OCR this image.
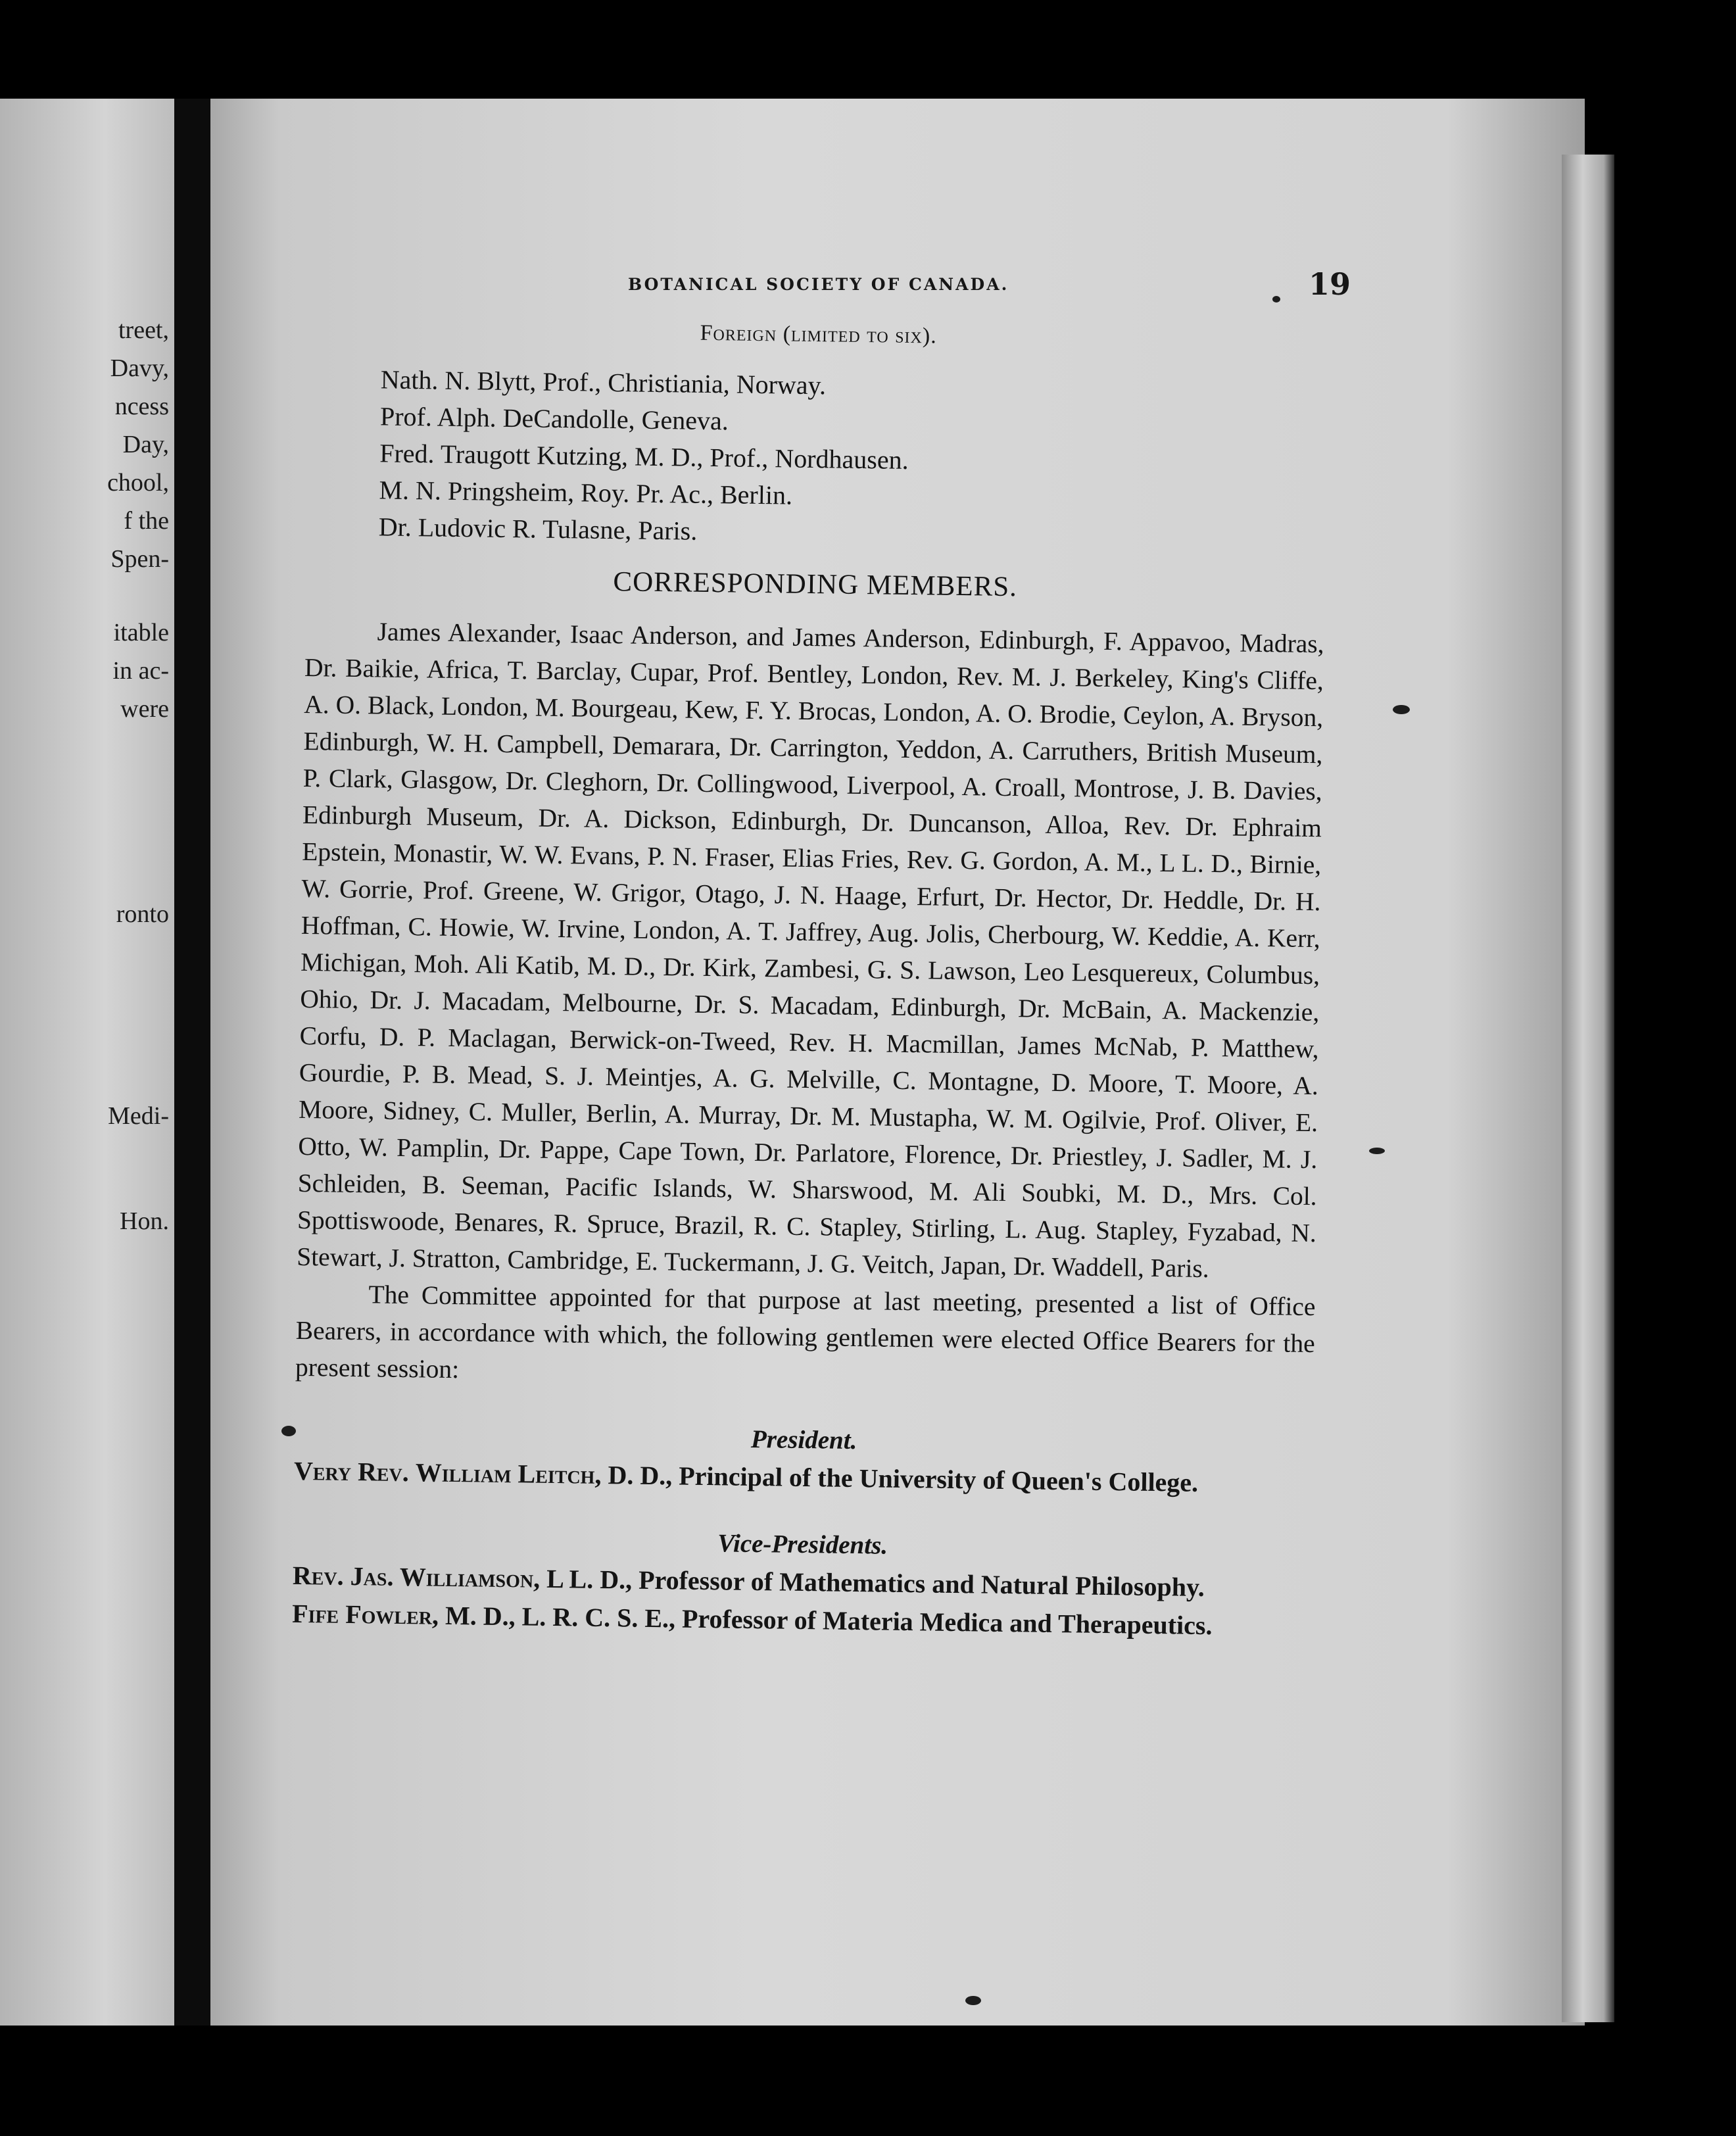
treet,
Davy,
ncess
Day,
chool,
f the
Spen-
itable
in ac-
were
ronto
Medi-
Hon.
BOTANICAL SOCIETY OF CANADA.	19
Foreign (limited to six).
Nath. N. Blytt, Prof., Christiania, Norway.
Prof. Alph. DeCandolle, Geneva.
Fred. Traugott Kutzing, M. D., Prof., Nordhausen.
M. N. Pringsheim, Roy. Pr. Ac., Berlin.
Dr. Ludovic R. Tulasne, Paris.
CORRESPONDING MEMBERS.

James Alexander, Isaac Anderson, and James Anderson, Edinburgh, F. Appavoo, Madras, Dr. Baikie, Africa, T. Barclay, Cupar, Prof. Bentley, London, Rev. M. J. Berkeley, King's Cliffe, A. O. Black, London, M. Bourgeau, Kew, F. Y. Brocas, London, A. O. Brodie, Ceylon, A. Bryson, Edinburgh, W. H. Campbell, Demarara, Dr. Carrington, Yeddon, A. Carruthers, British Museum, P. Clark, Glasgow, Dr. Cleghorn, Dr. Collingwood, Liverpool, A. Croall, Montrose, J. B. Davies, Edinburgh Museum, Dr. A. Dickson, Edinburgh, Dr. Duncanson, Alloa, Rev. Dr. Ephraim Epstein, Monastir, W. W. Evans, P. N. Fraser, Elias Fries, Rev. G. Gordon, A. M., L L. D., Birnie, W. Gorrie, Prof. Greene, W. Grigor, Otago, J. N. Haage, Erfurt, Dr. Hector, Dr. Heddle, Dr. H. Hoffman, C. Howie, W. Irvine, London, A. T. Jaffrey, Aug. Jolis, Cherbourg, W. Keddie, A. Kerr, Michigan, Moh. Ali Katib, M. D., Dr. Kirk, Zambesi, G. S. Lawson, Leo Lesquereux, Columbus, Ohio, Dr. J. Macadam, Melbourne, Dr. S. Macadam, Edinburgh, Dr. McBain, A. Mackenzie, Corfu, D. P. Maclagan, Berwick-on-Tweed, Rev. H. Macmillan, James McNab, P. Matthew, Gourdie, P. B. Mead, S. J. Meintjes, A. G. Melville, C. Montagne, D. Moore, T. Moore, A. Moore, Sidney, C. Muller, Berlin, A. Murray, Dr. M. Mustapha, W. M. Ogilvie, Prof. Oliver, E. Otto, W. Pamplin, Dr. Pappe, Cape Town, Dr. Parlatore, Florence, Dr. Priestley, J. Sadler, M. J. Schleiden, B. Seeman, Pacific Islands, W. Sharswood, M. Ali Soubki, M. D., Mrs. Col. Spottiswoode, Benares, R. Spruce, Brazil, R. C. Stapley, Stirling, L. Aug. Stapley, Fyzabad, N. Stewart, J. Stratton, Cambridge, E. Tuckermann, J. G. Veitch, Japan, Dr. Waddell, Paris.

The Committee appointed for that purpose at last meeting, presented a list of Office Bearers, in accordance with which, the following gentlemen were elected Office Bearers for the present session:

President.
Very Rev. William Leitch, D. D., Principal of the University of Queen's College.
Vice-Presidents.
Rev. Jas. Williamson, L L. D., Professor of Mathematics and Natural Philosophy.
Fife Fowler, M. D., L. R. C. S. E., Professor of Materia Medica and Therapeutics.
